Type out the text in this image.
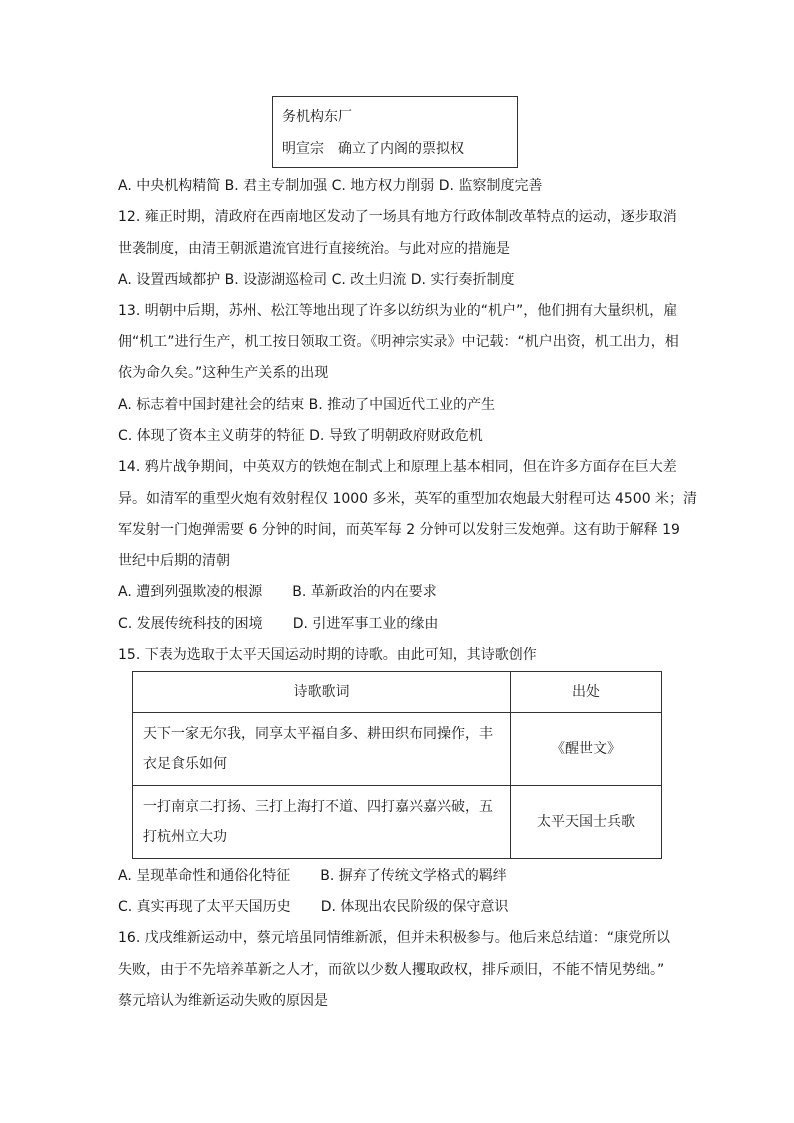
务机构东厂
明宣宗 确立了内阁的票拟权
A. 中央机构精简 B. 君主专制加强 C. 地方权力削弱 D. 监察制度完善
12. 雍正时期，清政府在西南地区发动了一场具有地方行政体制改革特点的运动，逐步取消
世袭制度，由清王朝派遣流官进行直接统治。与此对应的措施是
A. 设置西域都护 B. 设澎湖巡检司 C. 改土归流 D. 实行奏折制度
13. 明朝中后期，苏州、松江等地出现了许多以纺织为业的“机户”，他们拥有大量织机，雇
佣“机工”进行生产，机工按日领取工资。《明神宗实录》中记载：“机户出资，机工出力，相
依为命久矣。”这种生产关系的出现
A. 标志着中国封建社会的结束 B. 推动了中国近代工业的产生
C. 体现了资本主义萌芽的特征 D. 导致了明朝政府财政危机
14. 鸦片战争期间，中英双方的铁炮在制式上和原理上基本相同，但在许多方面存在巨大差
异。如清军的重型火炮有效射程仅 1000 多米，英军的重型加农炮最大射程可达 4500 米；清
军发射一门炮弹需要 6 分钟的时间，而英军每 2 分钟可以发射三发炮弹。这有助于解释 19
世纪中后期的清朝
A. 遭到列强欺凌的根源 B. 革新政治的内在要求
C. 发展传统科技的困境 D. 引进军事工业的缘由
15. 下表为选取于太平天国运动时期的诗歌。由此可知，其诗歌创作
诗歌歌词	出处

天下一家无尔我，同享太平福自多、耕田织布同操作，丰
衣足食乐如何	《醒世文》

一打南京二打扬、三打上海打不道、四打嘉兴嘉兴破，五
打杭州立大功	太平天国士兵歌
A. 呈现革命性和通俗化特征 B. 摒弃了传统文学格式的羁绊
C. 真实再现了太平天国历史 D. 体现出农民阶级的保守意识
16. 戊戌维新运动中，蔡元培虽同情维新派，但并未积极参与。他后来总结道：“康党所以
失败，由于不先培养革新之人才，而欲以少数人攫取政权，排斥顽旧，不能不情见势绌。”
蔡元培认为维新运动失败的原因是
